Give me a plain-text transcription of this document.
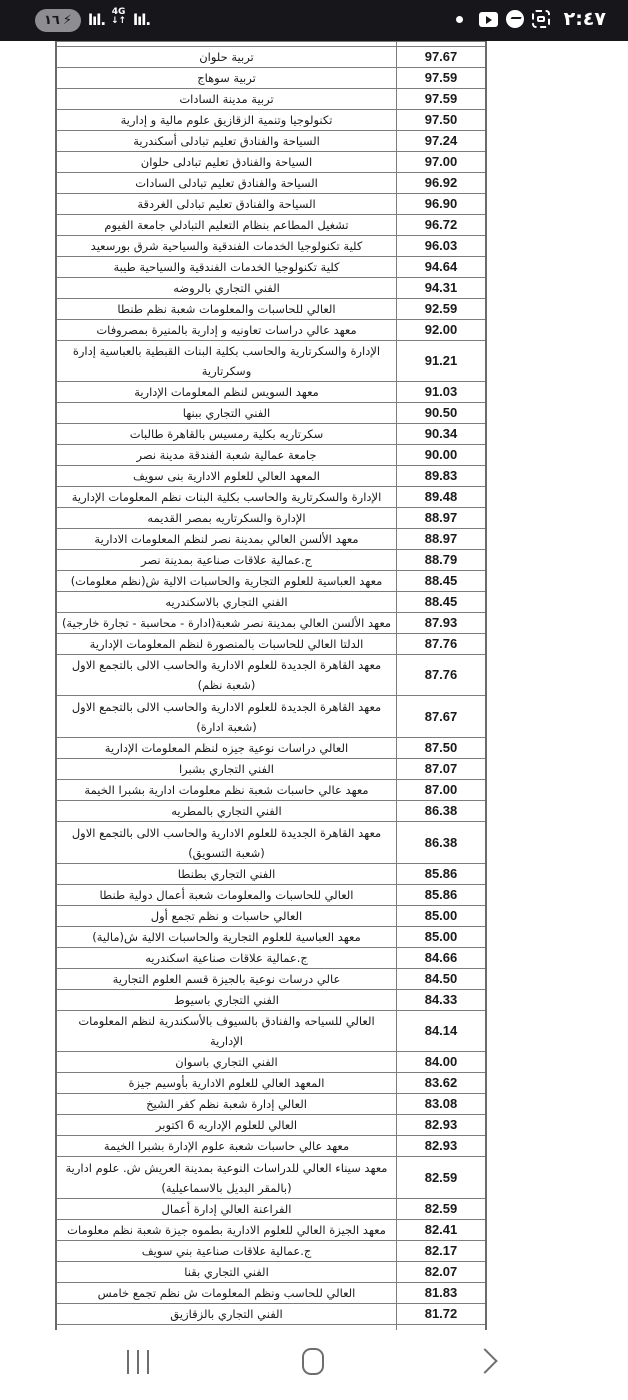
١٦ ⚡ lıl. 4G
↓↑ lıl.	٢:٤٧

تربية حلوان	97.67
تربية سوهاج	97.59
تربية مدينة السادات	97.59
تكنولوجيا وتنمية الزقازيق علوم مالية و إدارية	97.50
السياحة والفنادق تعليم تبادلى أسكندرية	97.24
السياحة والفنادق تعليم تبادلى حلوان	97.00
السياحة والفنادق تعليم تبادلى السادات	96.92
السياحة والفنادق تعليم تبادلى الغردقة	96.90
تشغيل المطاعم بنظام التعليم التبادلي جامعة الفيوم	96.72
كلية تكنولوجيا الخدمات الفندقية والسياحية شرق بورسعيد	96.03
كلية تكنولوجيا الخدمات الفندقية والسياحية طيبة	94.64
الفني التجاري بالروضه	94.31
العالي للحاسبات والمعلومات شعبة نظم طنطا	92.59
معهد عالي دراسات تعاونيه و إدارية بالمنيرة بمصروفات	92.00
الإدارة والسكرتارية والحاسب بكلية البنات القبطية بالعباسية إدارة وسكرتارية	91.21
معهد السويس لنظم المعلومات الإدارية	91.03
الفني التجاري ببنها	90.50
سكرتاريه بكلية رمسيس بالقاهرة طالبات	90.34
جامعة عمالية شعبة الفندقة مدينة نصر	90.00
المعهد العالي للعلوم الادارية بنى سويف	89.83
الإدارة والسكرتارية والحاسب بكلية البنات نظم المعلومات الإدارية	89.48
الإدارة والسكرتاريه بمصر القديمه	88.97
معهد الألسن العالي بمدينة نصر لنظم المعلومات الادارية	88.97
ج.عمالية علاقات صناعية بمدينة نصر	88.79
معهد العباسية للعلوم التجارية والحاسبات الالية ش(نظم معلومات)	88.45
الفني التجاري بالاسكندريه	88.45
معهد الألسن العالي بمدينة نصر شعبة(ادارة - محاسبة - تجارة خارجية)	87.93
الدلتا العالي للحاسبات بالمنصورة لنظم المعلومات الإدارية	87.76
معهد القاهرة الجديدة للعلوم الادارية والحاسب الالى بالتجمع الاول (شعبة نظم)	87.76
معهد القاهرة الجديدة للعلوم الادارية والحاسب الالى بالتجمع الاول (شعبة ادارة)	87.67
العالي دراسات نوعية جيزه لنظم المعلومات الإدارية	87.50
الفني التجاري بشبرا	87.07
معهد عالي حاسبات شعبة نظم معلومات ادارية بشبرا الخيمة	87.00
الفني التجاري بالمطريه	86.38
معهد القاهرة الجديدة للعلوم الادارية والحاسب الالى بالتجمع الاول (شعبة التسويق)	86.38
الفني التجاري بطنطا	85.86
العالي للحاسبات والمعلومات شعبة أعمال دولية طنطا	85.86
العالي حاسبات و نظم تجمع أول	85.00
معهد العباسية للعلوم التجارية والحاسبات الالية ش(مالية)	85.00
ج.عمالية علاقات صناعية اسكندريه	84.66
عالي درسات نوعية بالجيزة قسم العلوم التجارية	84.50
الفني التجاري باسيوط	84.33
العالي للسياحه والفنادق بالسيوف بالأسكندرية لنظم المعلومات الإدارية	84.14
الفني التجاري باسوان	84.00
المعهد العالي للعلوم الادارية بأوسيم جيزة	83.62
العالي إدارة شعبة نظم كفر الشيخ	83.08
العالي للعلوم الإداريه 6 اكتوبر	82.93
معهد عالي حاسبات شعبة علوم الإدارة بشبرا الخيمة	82.93
معهد سيناء العالي للدراسات النوعية بمدينة العريش ش. علوم ادارية (بالمقر البديل بالاسماعيلية)	82.59
الفراعنة العالي إدارة أعمال	82.59
معهد الجيزة العالي للعلوم الادارية بطموه جيزة شعبة نظم معلومات	82.41
ج.عمالية علاقات صناعية بني سويف	82.17
الفني التجاري بقنا	82.07
العالي للحاسب ونظم المعلومات ش نظم تجمع خامس	81.83
الفني التجاري بالزقازيق	81.72
